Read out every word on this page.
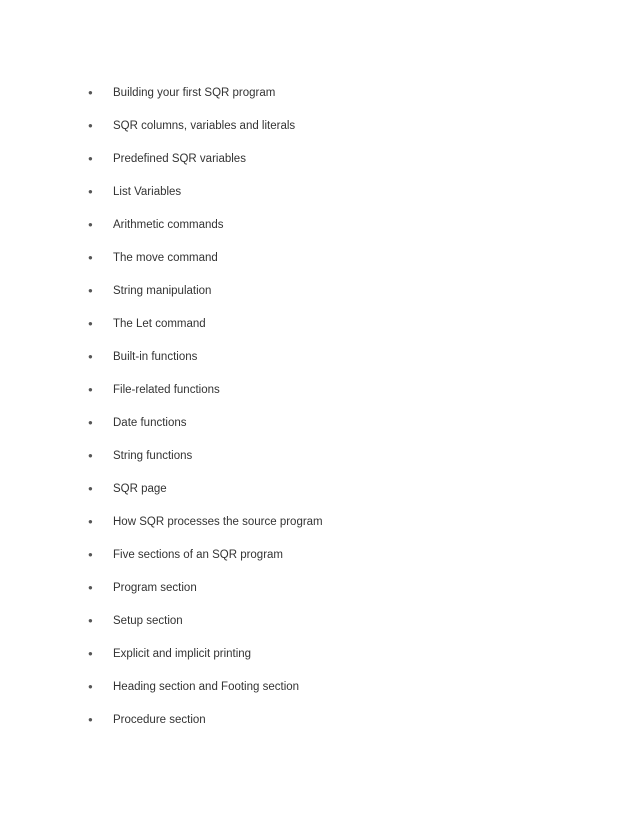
●	Building your first SQR program
●	SQR columns, variables and literals
●	Predefined SQR variables
●	List Variables
●	Arithmetic commands
●	The move command
●	String manipulation
●	The Let command
●	Built-in functions
●	File-related functions
●	Date functions
●	String functions
●	SQR page
●	How SQR processes the source program
●	Five sections of an SQR program
●	Program section
●	Setup section
●	Explicit and implicit printing
●	Heading section and Footing section
●	Procedure section
